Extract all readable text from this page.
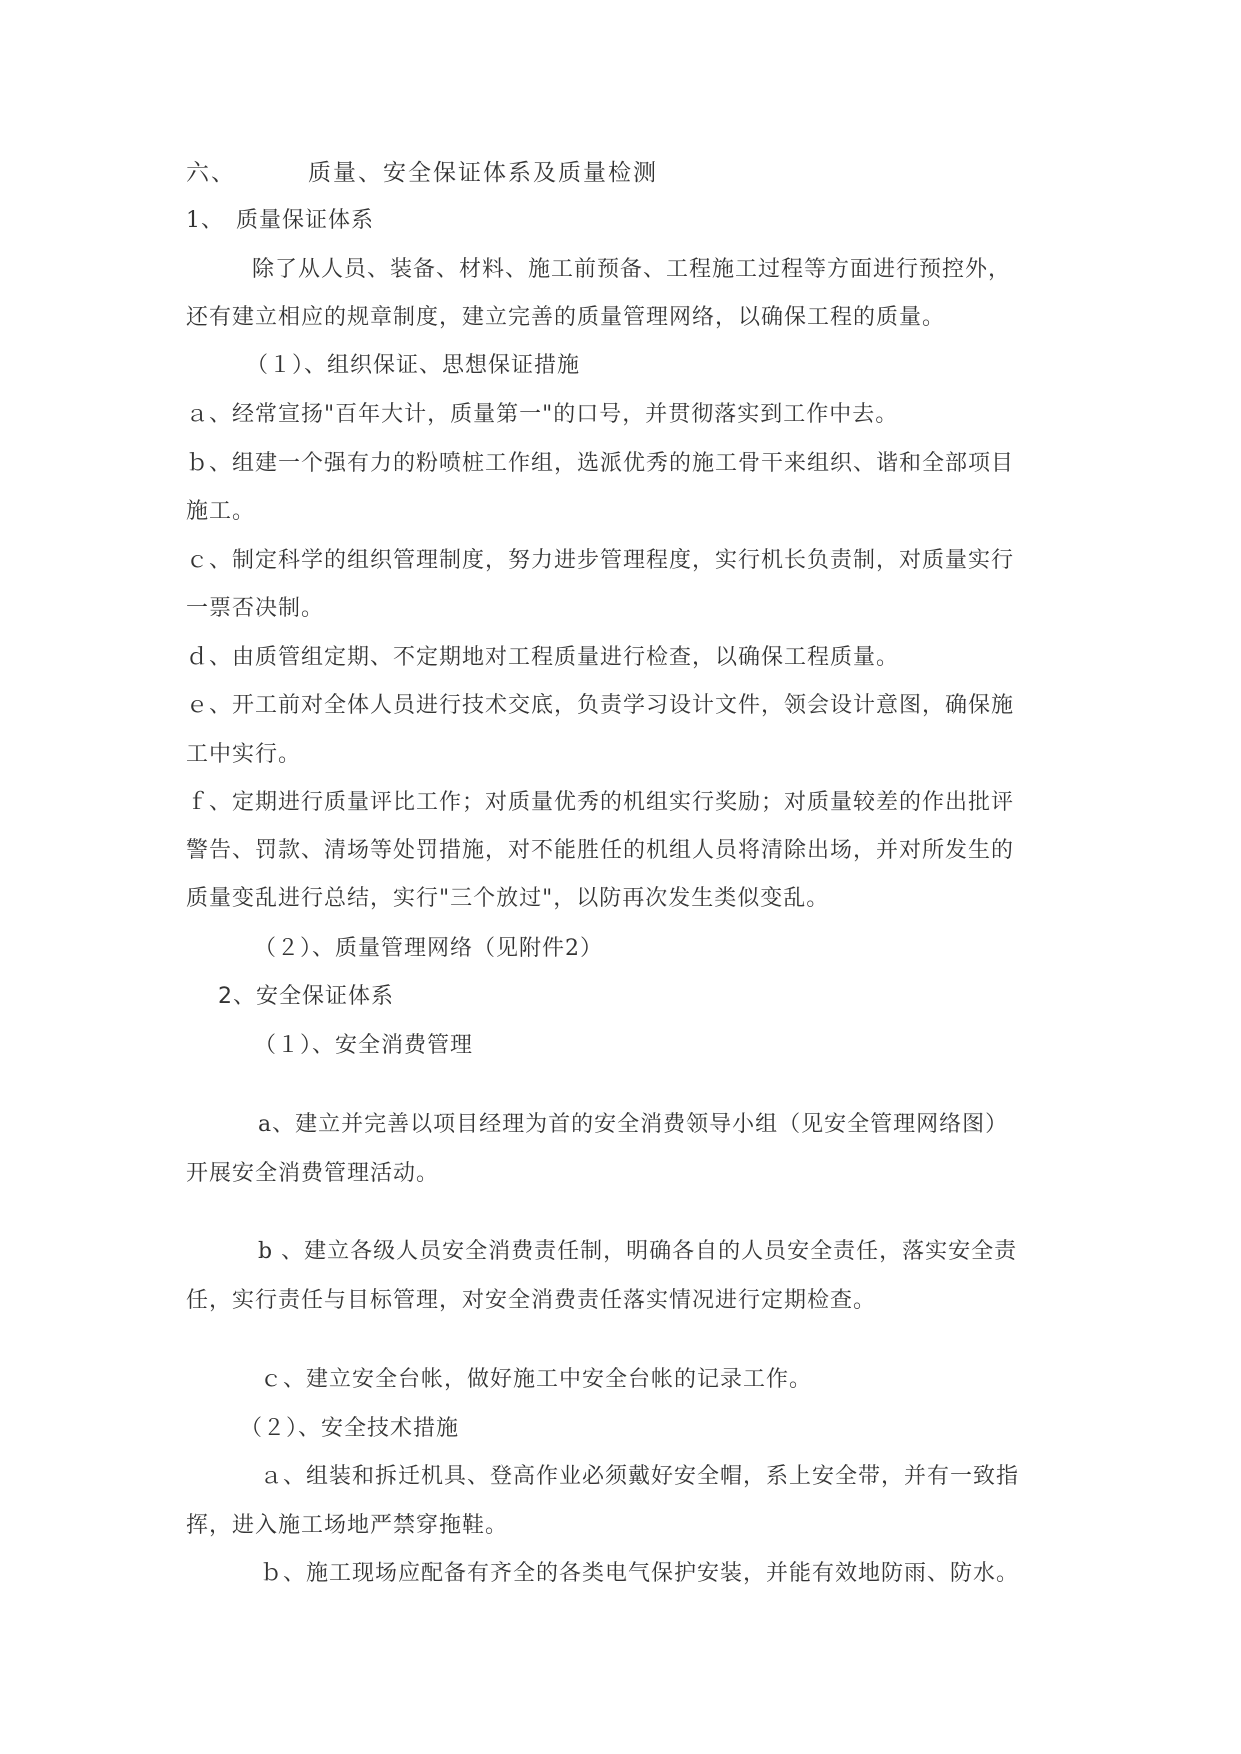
六、	质量、安全保证体系及质量检测
1、　质量保证体系
除了从人员、装备、材料、施工前预备、工程施工过程等方面进行预控外，
还有建立相应的规章制度，建立完善的质量管理网络，以确保工程的质量。
（１）、组织保证、思想保证措施
ａ、经常宣扬"百年大计，质量第一"的口号，并贯彻落实到工作中去。
ｂ、组建一个强有力的粉喷桩工作组，选派优秀的施工骨干来组织、谐和全部项目
施工。
ｃ、制定科学的组织管理制度，努力进步管理程度，实行机长负责制，对质量实行
一票否决制。
ｄ、由质管组定期、不定期地对工程质量进行检查，以确保工程质量。
ｅ、开工前对全体人员进行技术交底，负责学习设计文件，领会设计意图，确保施
工中实行。
ｆ、定期进行质量评比工作；对质量优秀的机组实行奖励；对质量较差的作出批评
警告、罚款、清场等处罚措施，对不能胜任的机组人员将清除出场，并对所发生的
质量变乱进行总结，实行"三个放过"，以防再次发生类似变乱。
（２）、质量管理网络（见附件2）
2、安全保证体系
（１）、安全消费管理
a、建立并完善以项目经理为首的安全消费领导小组（见安全管理网络图）
开展安全消费管理活动。
b 、建立各级人员安全消费责任制，明确各自的人员安全责任，落实安全责
任，实行责任与目标管理，对安全消费责任落实情况进行定期检查。
ｃ、建立安全台帐，做好施工中安全台帐的记录工作。
（２）、安全技术措施
ａ、组装和拆迁机具、登高作业必须戴好安全帽，系上安全带，并有一致指
挥，进入施工场地严禁穿拖鞋。
ｂ、施工现场应配备有齐全的各类电气保护安装，并能有效地防雨、防水。
